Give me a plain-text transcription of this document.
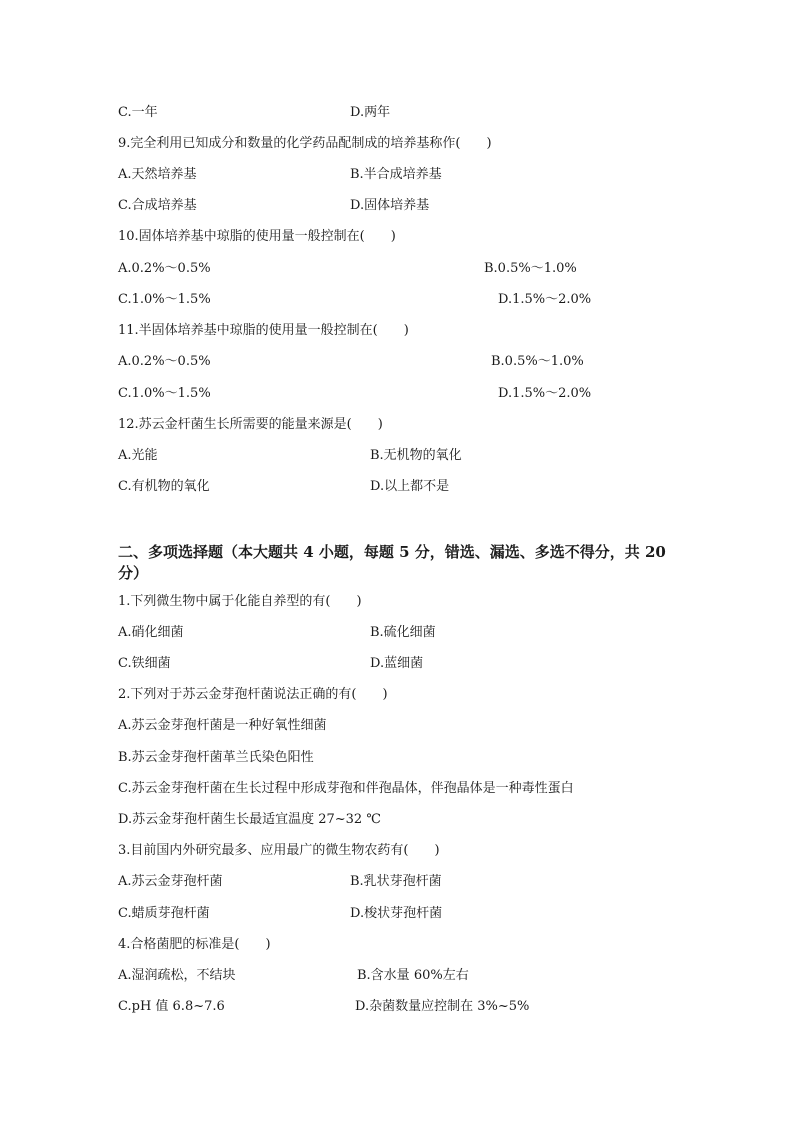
C.一年	D.两年
9.完全利用已知成分和数量的化学药品配制成的培养基称作(　　)
A.天然培养基	B.半合成培养基
C.合成培养基	D.固体培养基
10.固体培养基中琼脂的使用量一般控制在(　　)
A.0.2%～0.5%	B.0.5%～1.0%
C.1.0%～1.5%	D.1.5%～2.0%
11.半固体培养基中琼脂的使用量一般控制在(　　)
A.0.2%～0.5%	B.0.5%～1.0%
C.1.0%～1.5%	D.1.5%～2.0%
12.苏云金杆菌生长所需要的能量来源是(　　)
A.光能	B.无机物的氧化
C.有机物的氧化	D.以上都不是
二、多项选择题（本大题共 4 小题，每题 5 分，错选、漏选、多选不得分，共 20 分）
1.下列微生物中属于化能自养型的有(　　)
A.硝化细菌	B.硫化细菌
C.铁细菌	D.蓝细菌
2.下列对于苏云金芽孢杆菌说法正确的有(　　)
A.苏云金芽孢杆菌是一种好氧性细菌
B.苏云金芽孢杆菌革兰氏染色阳性
C.苏云金芽孢杆菌在生长过程中形成芽孢和伴孢晶体，伴孢晶体是一种毒性蛋白
D.苏云金芽孢杆菌生长最适宜温度 27~32 ℃
3.目前国内外研究最多、应用最广的微生物农药有(　　)
A.苏云金芽孢杆菌	B.乳状芽孢杆菌
C.蜡质芽孢杆菌	D.梭状芽孢杆菌
4.合格菌肥的标准是(　　)
A.湿润疏松，不结块	B.含水量 60%左右
C.pH 值 6.8~7.6	D.杂菌数量应控制在 3%~5%
